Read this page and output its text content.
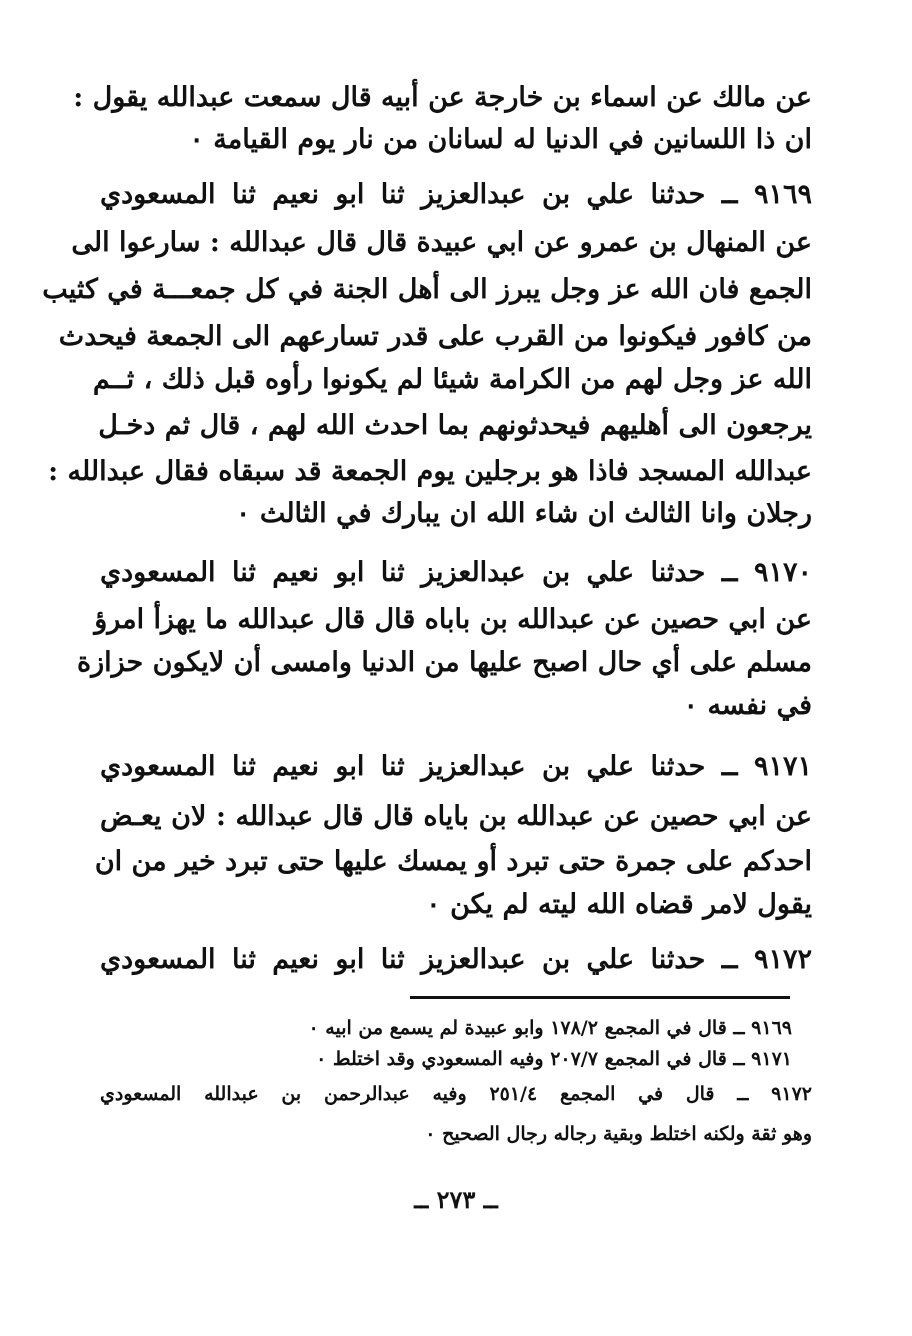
عن مالك عن اسماء بن خارجة عن أبيه قال سمعت عبدالله يقول :
ان ذا اللسانين في الدنيا له لسانان من نار يوم القيامة ٠
٩١٦٩ ــ حدثنا علي بن عبدالعزيز ثنا ابو نعيم ثنا المسعودي
عن المنهال بن عمرو عن ابي عبيدة قال قال عبدالله : سارعوا الى
الجمع فان الله عز وجل يبرز الى أهل الجنة في كل جمعـــة في كثيب
من كافور فيكونوا من القرب على قدر تسارعهم الى الجمعة فيحدث
الله عز وجل لهم من الكرامة شيئا لم يكونوا رأوه قبل ذلك ، ثــم
يرجعون الى أهليهم فيحدثونهم بما احدث الله لهم ، قال ثم دخـل
عبدالله المسجد فاذا هو برجلين يوم الجمعة قد سبقاه فقال عبدالله :
رجلان وانا الثالث ان شاء الله ان يبارك في الثالث ٠
٩١٧٠ ــ حدثنا علي بن عبدالعزيز ثنا ابو نعيم ثنا المسعودي
عن ابي حصين عن عبدالله بن باباه قال قال عبدالله ما يهزأ امرؤ
مسلم على أي حال اصبح عليها من الدنيا وامسى أن لايكون حزازة
في نفسه ٠
٩١٧١ ــ حدثنا علي بن عبدالعزيز ثنا ابو نعيم ثنا المسعودي
عن ابي حصين عن عبدالله بن باياه قال قال عبدالله : لان يعـض
احدكم على جمرة حتى تبرد أو يمسك عليها حتى تبرد خير من ان
يقول لامر قضاه الله ليته لم يكن ٠
٩١٧٢ ــ حدثنا علي بن عبدالعزيز ثنا ابو نعيم ثنا المسعودي
٩١٦٩ ــ قال في المجمع ١٧٨/٢ وابو عبيدة لم يسمع من ابيه ٠
٩١٧١ ــ قال في المجمع ٢٠٧/٧ وفيه المسعودي وقد اختلط ٠
٩١٧٢ ــ قال في المجمع ٢٥١/٤ وفيه عبدالرحمن بن عبدالله المسعودي
وهو ثقة ولكنه اختلط وبقية رجاله رجال الصحيح ٠
ــ ٢٧٣ ــ
